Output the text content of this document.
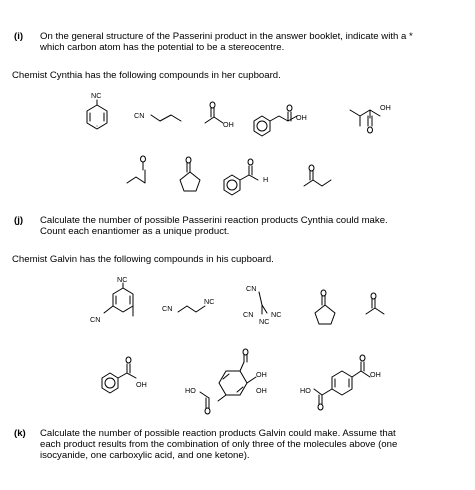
(i) On the general structure of the Passerini product in the answer booklet, indicate with a *
which carbon atom has the potential to be a stereocentre.
Chemist Cynthia has the following compounds in her cupboard.
NC
CN
OH
OH
OH
H
(j) Calculate the number of possible Passerini reaction products Cynthia could make.
Count each enantiomer as a unique product.
Chemist Galvin has the following compounds in his cupboard.
NC
CN
CN
NC
CN
CN NC
NC
OH
HO
OH
OH	HO
OH
(k) Calculate the number of possible reaction products Galvin could make. Assume that
each product results from the combination of only three of the molecules above (one
isocyanide, one carboxylic acid, and one ketone).
